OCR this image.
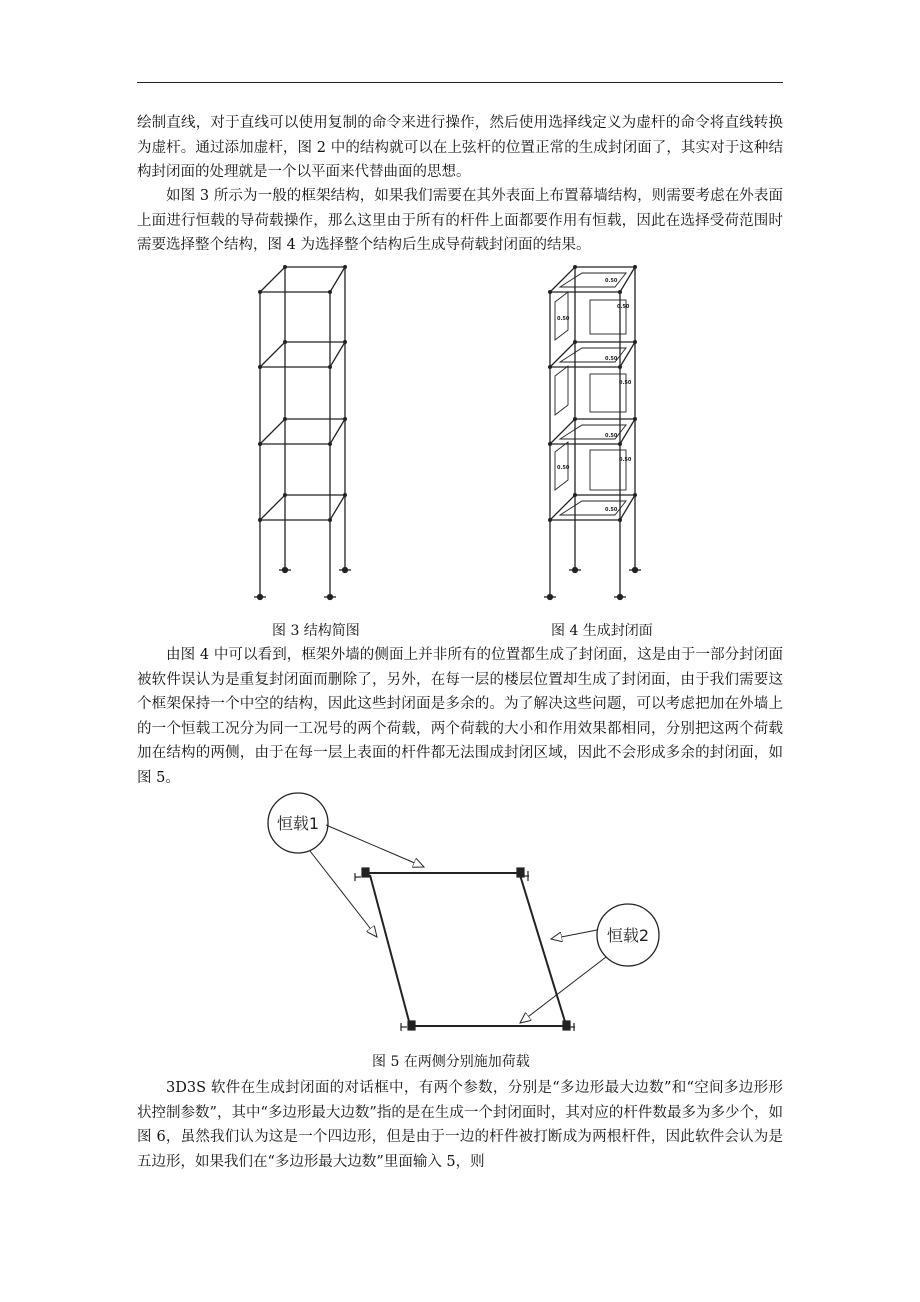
绘制直线，对于直线可以使用复制的命令来进行操作，然后使用选择线定义为虚杆的命令将直线转换为虚杆。通过添加虚杆，图 2 中的结构就可以在上弦杆的位置正常的生成封闭面了，其实对于这种结构封闭面的处理就是一个以平面来代替曲面的思想。

如图 3 所示为一般的框架结构，如果我们需要在其外表面上布置幕墙结构，则需要考虑在外表面上面进行恒载的导荷载操作，那么这里由于所有的杆件上面都要作用有恒载，因此在选择受荷范围时需要选择整个结构，图 4 为选择整个结构后生成导荷载封闭面的结果。

0.50
0.50
0.50
0.50
0.50
0.50
0.50
0.50
0.50
图 3 结构简图	图 4 生成封闭面

由图 4 中可以看到，框架外墙的侧面上并非所有的位置都生成了封闭面，这是由于一部分封闭面被软件误认为是重复封闭面而删除了，另外，在每一层的楼层位置却生成了封闭面，由于我们需要这个框架保持一个中空的结构，因此这些封闭面是多余的。为了解决这些问题，可以考虑把加在外墙上的一个恒载工况分为同一工况号的两个荷载，两个荷载的大小和作用效果都相同，分别把这两个荷载加在结构的两侧，由于在每一层上表面的杆件都无法围成封闭区域，因此不会形成多余的封闭面，如图 5。

恒载1
恒载2
图 5 在两侧分别施加荷载

3D3S 软件在生成封闭面的对话框中，有两个参数，分别是“多边形最大边数”和“空间多边形形状控制参数”，其中“多边形最大边数”指的是在生成一个封闭面时，其对应的杆件数最多为多少个，如图 6，虽然我们认为这是一个四边形，但是由于一边的杆件被打断成为两根杆件，因此软件会认为是五边形，如果我们在“多边形最大边数”里面输入 5，则
